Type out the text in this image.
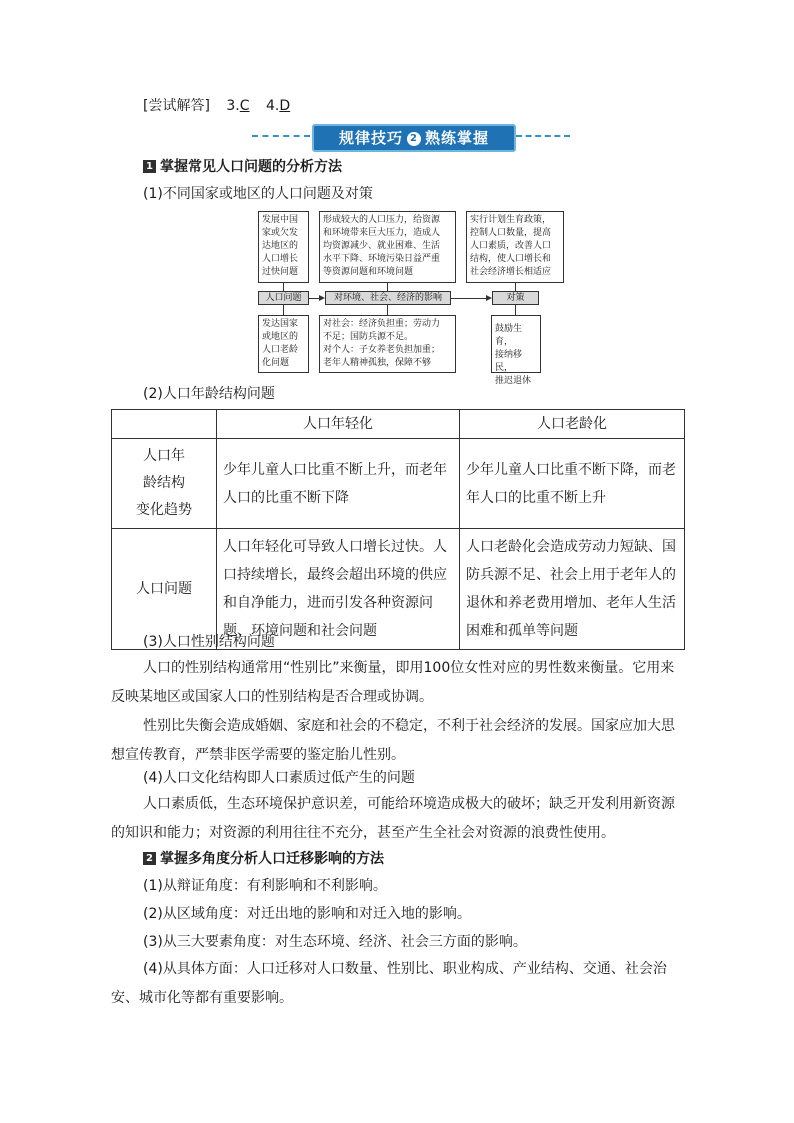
[尝试解答] 3.C 4.D
规律技巧 2 熟练掌握
1 掌握常见人口问题的分析方法
(1)不同国家或地区的人口问题及对策
发展中国
家或欠发
达地区的
人口增长
过快问题
形成较大的人口压力，给资源
和环境带来巨大压力，造成人
均资源减少、就业困难、生活
水平下降、环境污染日益严重
等资源问题和环境问题
实行计划生育政策，
控制人口数量，提高
人口素质，改善人口
结构，使人口增长和
社会经济增长相适应
人口问题	对环境、社会、经济的影响	对策
发达国家
或地区的
人口老龄
化问题
对社会：经济负担重；劳动力
不足；国防兵源不足。
对个人：子女养老负担加重；
老年人精神孤独，保障不够
鼓励生育，
接纳移民，
推迟退休
(2)人口年龄结构问题
	人口年轻化	人口老龄化
人口年
龄结构
变化趋势	少年儿童人口比重不断上升，而老年人口的比重不断下降	少年儿童人口比重不断下降，而老年人口的比重不断上升
人口问题	人口年轻化可导致人口增长过快。人口持续增长，最终会超出环境的供应和自净能力，进而引发各种资源问题、环境问题和社会问题	人口老龄化会造成劳动力短缺、国防兵源不足、社会上用于老年人的退休和养老费用增加、老年人生活困难和孤单等问题
(3)人口性别结构问题
人口的性别结构通常用“性别比”来衡量，即用100位女性对应的男性数来衡量。它用来反映某地区或国家人口的性别结构是否合理或协调。
性别比失衡会造成婚姻、家庭和社会的不稳定，不利于社会经济的发展。国家应加大思想宣传教育，严禁非医学需要的鉴定胎儿性别。
(4)人口文化结构即人口素质过低产生的问题
人口素质低，生态环境保护意识差，可能给环境造成极大的破坏；缺乏开发利用新资源的知识和能力；对资源的利用往往不充分，甚至产生全社会对资源的浪费性使用。
2 掌握多角度分析人口迁移影响的方法
(1)从辩证角度：有利影响和不利影响。
(2)从区域角度：对迁出地的影响和对迁入地的影响。
(3)从三大要素角度：对生态环境、经济、社会三方面的影响。
(4)从具体方面：人口迁移对人口数量、性别比、职业构成、产业结构、交通、社会治安、城市化等都有重要影响。
